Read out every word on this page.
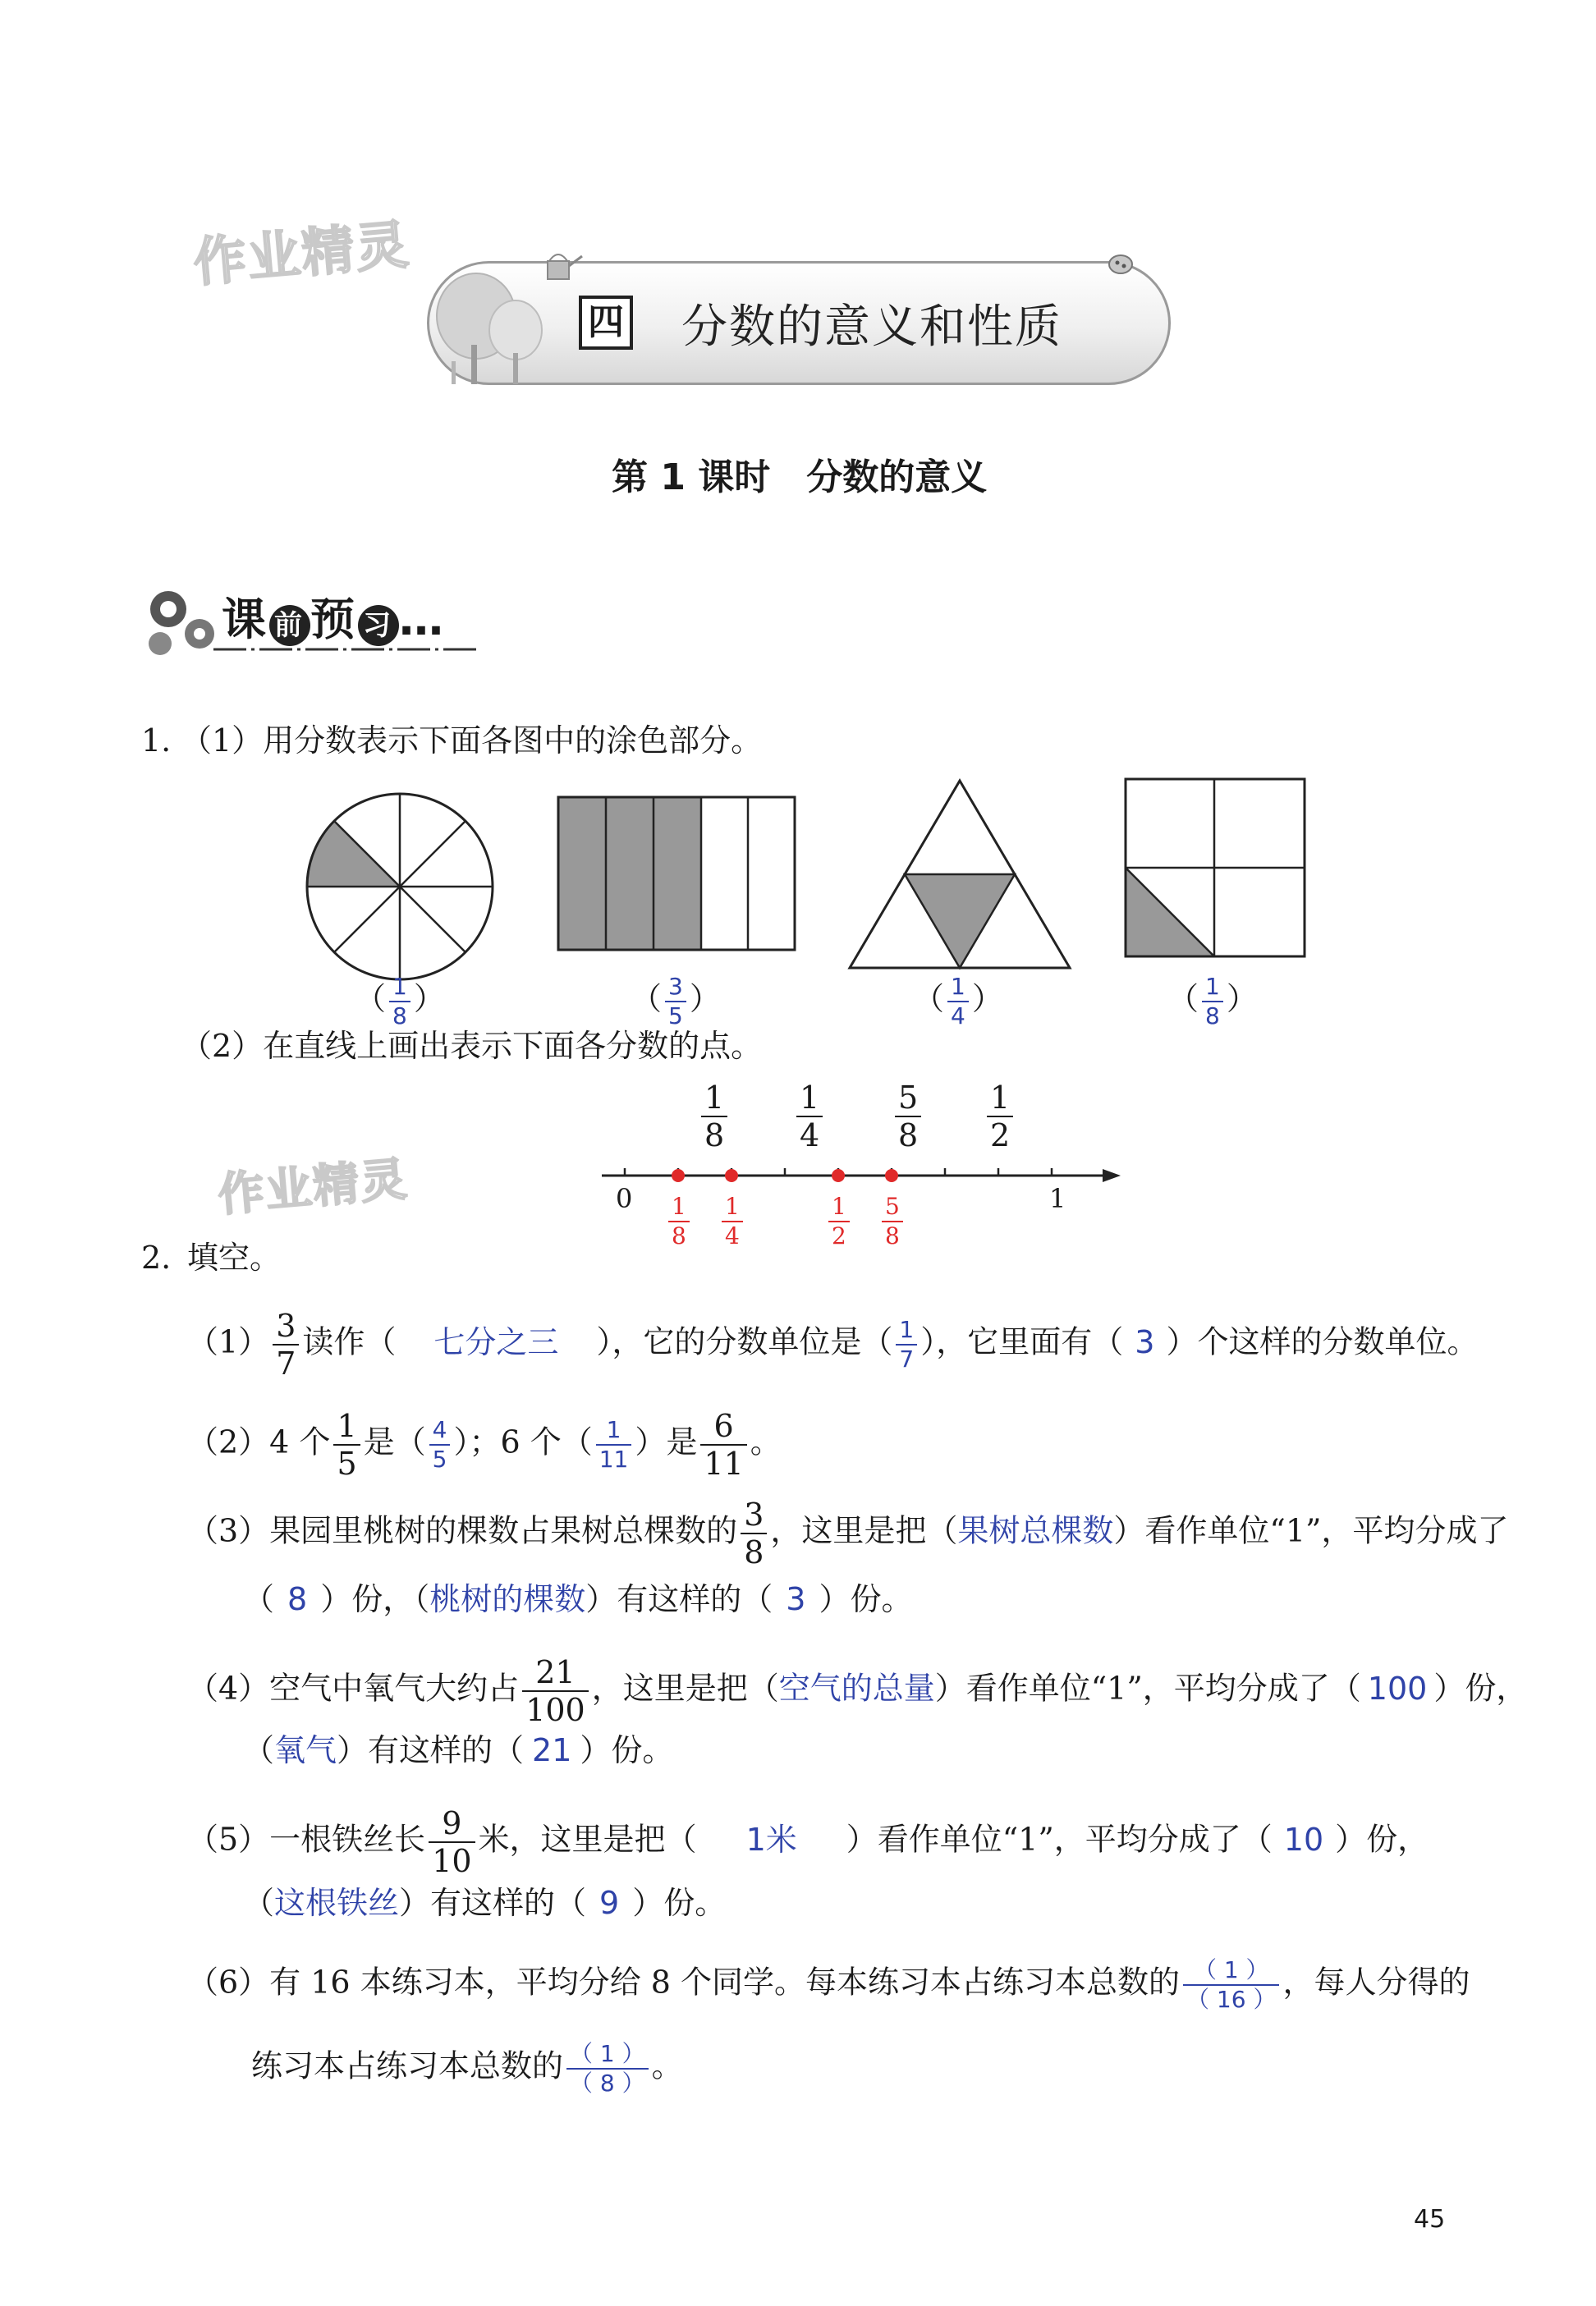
作业精灵
作业精灵
四 分数的意义和性质
第 1 课时　分数的意义
课 前 预 习 …
1. （1）用分数表示下面各图中的涂色部分。
（ $\frac{1}{8}$ ）	（ $\frac{3}{5}$ ）	（ $\frac{1}{4}$ ）	（ $\frac{1}{8}$ ）
（2）在直线上画出表示下面各分数的点。
$\frac{1}{8} \frac{1}{4} \frac{5}{8} \frac{1}{2}$
0	1
$\frac{1}{8} \frac{1}{4}$	$\frac{1}{2} \frac{5}{8}$
2. 填空。
$(1) \frac{3}{7}$ 读作（ 七分之三 ），它的分数单位是（ $\frac{1}{7}$ ），它里面有（ 3 ）个这样的分数单位。
（2）4 个 $\frac{1}{5}$ 是（ $\frac{4}{5}$ ）；6 个（ $\frac{1}{11}$ ）是 $\frac{6}{11}$ 。
（3）果园里桃树的棵数占果树总棵数的 $\frac{3}{8}$ ，这里是把（果树总棵数）看作单位“1”，平均分成了
（ 8 ）份，（桃树的棵数）有这样的（ 3 ）份。
（4）空气中氧气大约占 $\frac{21}{100}$ ，这里是把（空气的总量）看作单位“1”，平均分成了（ 100 ）份，
（氧气）有这样的（ 21 ）份。
（5）一根铁丝长 $\frac{9}{10}$ 米，这里是把（ 1米 ）看作单位“1”，平均分成了（ 10 ）份，
（这根铁丝）有这样的（ 9 ）份。
（6）有 16 本练习本，平均分给 8 个同学。每本练习本占练习本总数的 $\frac{( 1 )}{( 16 )}$ ，每人分得的
练习本占练习本总数的 $\frac{( 1 )}{( 8 )}$ 。
45
